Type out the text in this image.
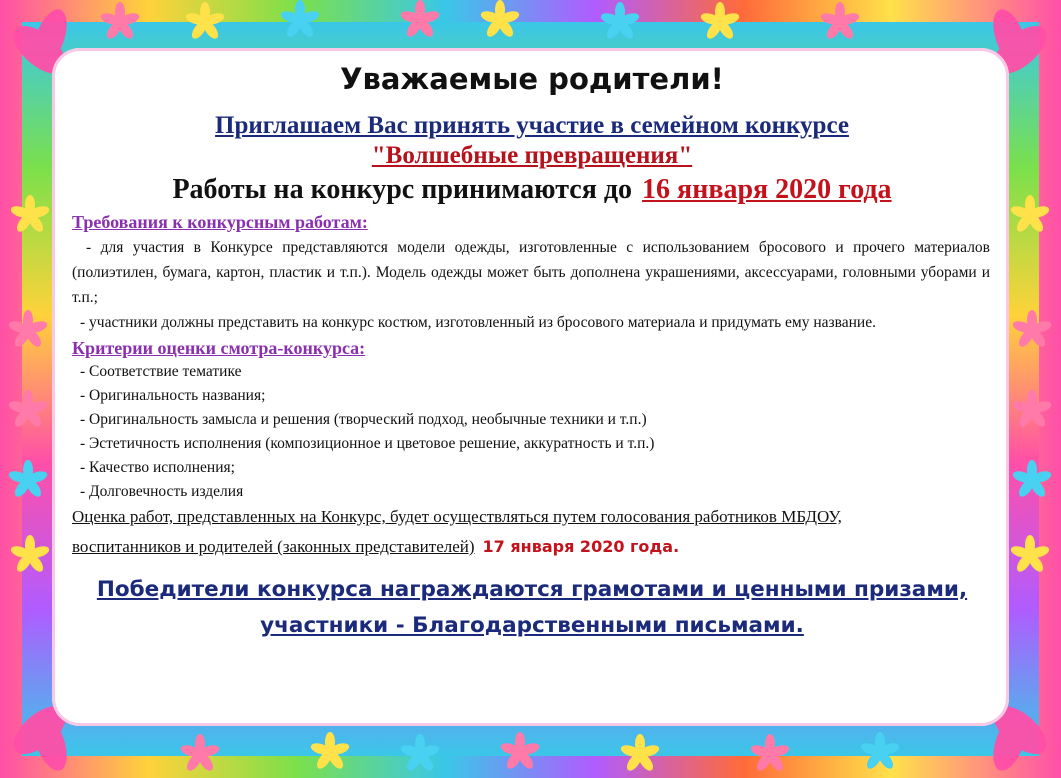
Уважаемые родители!
Приглашаем Вас принять участие в семейном конкурсе
"Волшебные превращения"
Работы на конкурс принимаются до 16 января 2020 года
Требования к конкурсным работам:
- для участия в Конкурсе представляются модели одежды, изготовленные с использованием бросового и прочего материалов (полиэтилен, бумага, картон, пластик и т.п.). Модель одежды может быть дополнена украшениями, аксессуарами, головными уборами и т.п.;
- участники должны представить на конкурс костюм, изготовленный из бросового материала и придумать ему название.
Критерии оценки смотра-конкурса:
- Соответствие тематике
- Оригинальность названия;
- Оригинальность замысла и решения (творческий подход, необычные техники и т.п.)
- Эстетичность исполнения (композиционное и цветовое решение, аккуратность и т.п.)
- Качество исполнения;
- Долговечность изделия
Оценка работ, представленных на Конкурс, будет осуществляться путем голосования работников МБДОУ,
воспитанников и родителей (законных представителей) 17 января 2020 года.
Победители конкурса награждаются грамотами и ценными призами,
участники - Благодарственными письмами.
